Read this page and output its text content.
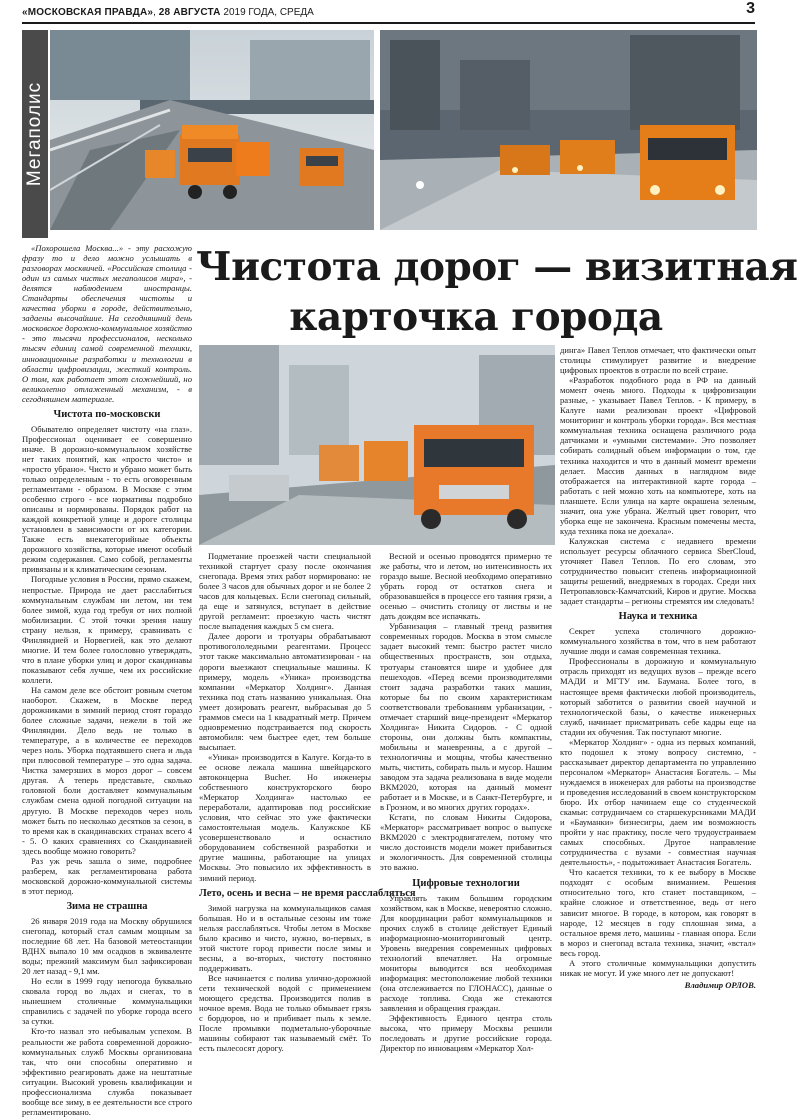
«МОСКОВСКАЯ ПРАВДА», 28 АВГУСТА 2019 ГОДА, СРЕДА	3
Мегаполис
Чистота дорог — визитная
карточка города

«Похорошела Москва...» - эту расхожую фразу то и дело можно услышать в разговорах москвичей. «Российская столица - один из самых чистых мегаполисов мира», - делятся наблюдением иностранцы. Стандарты обеспечения чистоты и качества уборки в городе, действительно, задаены высочайшие. На сегодняшний день московское дорожно-коммунальное хозяйство - это тысячи профессионалов, несколько тысяч единиц самой современной техники, инновационные разработки и технологии в области цифровизации, жесткий контроль. О том, как работает этот сложнейший, но великолепно отлаженный механизм, - в сегодняшнем материале.

Чистота по-московски

Обывателю определяет чистоту «на глаз». Профессионал оценивает ее совершенно иначе. В дорожно-коммунальном хозяйстве нет таких понятий, как «просто чисто» и «просто убрано». Чисто и убрано может быть только определенным - то есть оговоренным регламентами - образом. В Москве с этим особенно строго - все нормативы подробно описаны и нормированы. Порядок работ на каждой конкретной улице и дороге столицы установлен в зависимости от их категории. Также есть внекатегорийные объекты дорожного хозяйства, которые имеют особый режим содержания. Само собой, регламенты привязаны и к климатическим сезонам.

Погодные условия в России, прямо скажем, непростые. Природа не дает расслабиться коммунальным службам ни летом, ни тем более зимой, куда год требуя от них полной мобилизации. С этой точки зрения нашу страну нельзя, к примеру, сравнивать с Финляндией и Норвегией, как это делают многие. И тем более голословно утверждать, что в плане уборки улиц и дорог скандинавы показывают себя лучше, чем их российские коллеги.

На самом деле все обстоит ровным счетом наоборот. Скажем, в Москве перед дорожниками в зимний период стоят гораздо более сложные задачи, нежели в той же Финляндии. Дело ведь не только в температуре, а в количестве ее переходов через ноль. Уборка подтаявшего снега и льда при плюсовой температуре – это одна задача. Чистка замерзших в мороз дорог – совсем другая. А теперь представьте, сколько головной боли доставляет коммунальным службам смена одной погодной ситуации на другую. В Москве переходов через ноль может быть по несколько десятков за сезон, в то время как в скандинавских странах всего 4 - 5. О каких сравнениях со Скандинавией здесь вообще можно говорить?

Раз уж речь зашла о зиме, подробнее разберем, как регламентирована работа московской дорожно-коммунальной системы в этот период.

Зима не страшна

26 января 2019 года на Москву обрушился снегопад, который стал самым мощным за последние 68 лет. На базовой метеостанции ВДНХ выпало 10 мм осадков в эквиваленте воды; прежний максимум был зафиксирован 20 лет назад - 9,1 мм.

Но если в 1999 году непогода буквально сковала город во льдах и снегах, то в нынешнем столичные коммунальщики справились с задачей по уборке города всего за сутки.

Кто-то назвал это небывалым успехом. В реальности же работа современной дорожно-коммунальных служб Москвы организована так, что они способны оперативно и эффективно реагировать даже на нештатные ситуации. Высокий уровень квалификации и профессионализма служба показывает вообще все зиму, в ее деятельности все строго регламентировано.

Подметание проезжей части специальной техникой стартует сразу после окончания снегопада. Время этих работ нормировано: не более 3 часов для обычных дорог и не более 2 часов для кольцевых. Если снегопад сильный, да еще и затянулся, вступает в действие другой регламент: проезжую часть чистят после выпадения каждых 5 см снега.

Далее дороги и тротуары обрабатывают противогололедными реагентами. Процесс этот также максимально автоматизирован - на дороги выезжают специальные машины. К примеру, модель «Уника» производства компании «Меркатор Холдинг». Данная техника под стать названию уникальная. Она умеет дозировать реагент, выбрасывая до 5 граммов смеси на 1 квадратный метр. Причем одновременно подстраивается под скорость автомобиля: чем быстрее едет, тем больше высыпает.

«Уника» производится в Калуге. Когда-то в ее основе лежала машина швейцарского автоконцерна Bucher. Но инженеры собственного конструкторского бюро «Меркатор Холдинга» настолько ее переработали, адаптировав под российские условия, что сейчас это уже фактически самостоятельная модель. Калужское КБ усовершенствовало и оснастило оборудованием собственной разработки и другие машины, работающие на улицах Москвы. Это повысило их эффективность в зимний период.

Лето, осень и весна – не время расслабляться

Зимой нагрузка на коммунальщиков самая большая. Но и в остальные сезоны им тоже нельзя расслабляться. Чтобы летом в Москве было красиво и чисто, нужно, во-первых, в этой чистоте город привести после зимы и весны, а во-вторых, чистоту постоянно поддерживать.

Все начинается с полива улично-дорожной сети технической водой с применением моющего средства. Производится полив в ночное время. Вода не только обмывает грязь с бордюров, но и прибивает пыль к земле. После промывки подметально-уборочные машины собирают так называемый смёт. То есть пылесосят дорогу.

Весной и осенью проводятся примерно те же работы, что и летом, но интенсивность их гораздо выше. Весной необходимо оперативно убрать город от остатков снега и образовавшейся в процессе его таяния грязи, а осенью – очистить столицу от листвы и не дать дождям все испачкать.

Урбанизация – главный тренд развития современных городов. Москва в этом смысле задает высокий темп: быстро растет число общественных пространств, зон отдыха, тротуары становятся шире и удобнее для пешеходов. «Перед всеми производителями стоит задача разработки таких машин, которые бы по своим характеристикам соответствовали требованиям урбанизации, - отмечает старший вице-президент «Меркатор Холдинга» Никита Сидоров. - С одной стороны, они должны быть компактны, мобильны и маневренны, а с другой – технологичны и мощны, чтобы качественно мыть, чистить, собирать пыль и мусор. Нашим заводом эта задача реализована в виде модели ВКМ2020, которая на данный момент работает и в Москве, и в Санкт-Петербурге, и в Грозном, и во многих других городах».

Кстати, по словам Никиты Сидорова, «Меркатор» рассматривает вопрос о выпуске ВКМ2020 с электродвигателем, потому что число достоинств модели может прибавиться и экологичность. Для современной столицы это важно.

Цифровые технологии

Управлять таким большим городским хозяйством, как в Москве, невероятно сложно. Для координации работ коммунальщиков и прочих служб в столице действует Единый информационно-мониторинговый центр. Уровень внедрения современных цифровых технологий впечатляет. На огромные мониторы выводится вся необходимая информация: местоположение любой техники (она отслеживается по ГЛОНАСС), данные о расходе топлива. Сюда же стекаются заявления и обращения граждан.

Эффективность Единого центра столь высока, что примеру Москвы решили последовать и другие российские города. Директор по инновациям «Меркатор Хол-

динга» Павел Теплов отмечает, что фактически опыт столицы стимулирует развитие и внедрение цифровых проектов в отрасли по всей стране.

«Разработок подобного рода в РФ на данный момент очень много. Подходы к цифровизации разные, - указывает Павел Теплов. - К примеру, в Калуге нами реализован проект «Цифровой мониторинг и контроль уборки города». Вся местная коммунальная техника оснащена различного рода датчиками и «умными системами». Это позволяет собирать солидный объем информации о том, где техника находится и что в данный момент времени делает. Массив данных в наглядном виде отображается на интерактивной карте города – работать с ней можно хоть на компьютере, хоть на планшете. Если улица на карте окрашена зеленым, значит, она уже убрана. Желтый цвет говорит, что уборка еще не закончена. Красным помечены места, куда техника пока не доехала».

Калужская система с недавнего времени использует ресурсы облачного сервиса SberCloud, уточняет Павел Теплов. По его словам, это сотрудничество повысит степень информационной защиты решений, внедряемых в городах. Среди них Петропавловск-Камчатский, Киров и другие. Москва задает стандарты – регионы стремятся им следовать!

Наука и техника

Секрет успеха столичного дорожно-коммунального хозяйства в том, что в нем работают лучшие люди и самая современная техника.

Профессионалы в дорожную и коммунальную отрасль приходят из ведущих вузов – прежде всего МАДИ и МГТУ им. Баумана. Более того, в настоящее время фактически любой производитель, который заботится о развитии своей научной и технологической базы, о качестве инженерных служб, начинает присматривать себе кадры еще на стадии их обучения. Так поступают многие.

«Меркатор Холдинг» - одна из первых компаний, кто подошел к этому вопросу системно, - рассказывает директор департамента по управлению персоналом «Меркатор» Анастасия Богатель. – Мы нуждаемся в инженерах для работы на производстве и проведения исследований в своем конструкторском бюро. Их отбор начинаем еще со студенческой скамьи: сотрудничаем со старшекурсниками МАДИ и «Бауманки» бизнесигры, даем им возможность пройти у нас практику, после чего трудоустраиваем самых способных. Другое направление сотрудничества с вузами - совместная научная деятельность», - подытоживает Анастасия Богатель.

Что касается техники, то к ее выбору в Москве подходят с особым вниманием. Решения относительно того, кто станет поставщиком, – крайне сложное и ответственное, ведь от него зависит многое. В городе, в котором, как говорят в народе, 12 месяцев в году сплошная зима, а остальное время лето, машины - главная опора. Если в мороз и снегопад встала техника, значит, «встал» весь город.

А этого столичные коммунальщики допустить никак не могут. И уже много лет не допускают!

Владимир ОРЛОВ.
